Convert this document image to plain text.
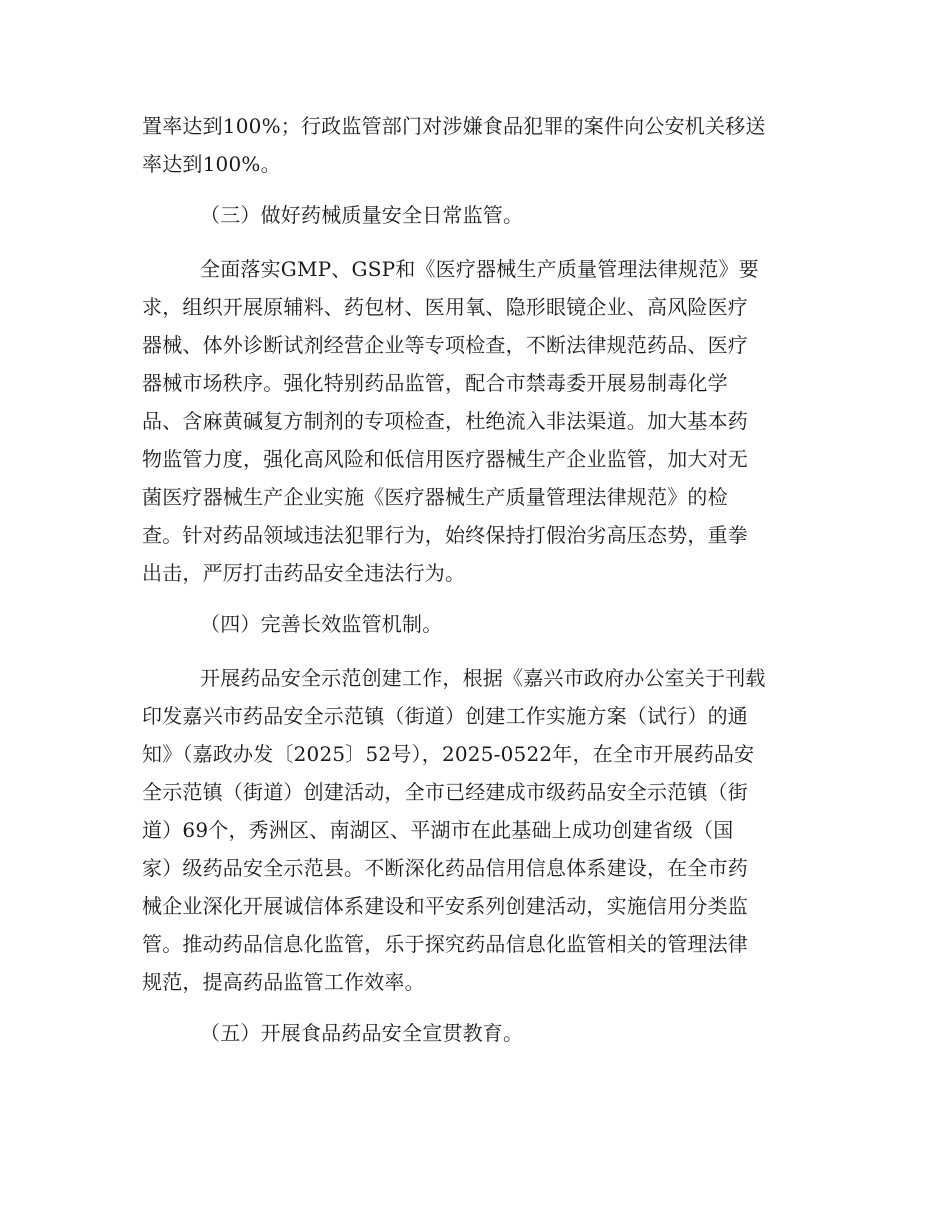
置率达到100%；行政监管部门对涉嫌食品犯罪的案件向公安机关移送
率达到100%。
（三）做好药械质量安全日常监管。
全面落实GMP、GSP和《医疗器械生产质量管理法律规范》要
求，组织开展原辅料、药包材、医用氧、隐形眼镜企业、高风险医疗
器械、体外诊断试剂经营企业等专项检查，不断法律规范药品、医疗
器械市场秩序。强化特别药品监管，配合市禁毒委开展易制毒化学
品、含麻黄碱复方制剂的专项检查，杜绝流入非法渠道。加大基本药
物监管力度，强化高风险和低信用医疗器械生产企业监管，加大对无
菌医疗器械生产企业实施《医疗器械生产质量管理法律规范》的检
查。针对药品领域违法犯罪行为，始终保持打假治劣高压态势，重拳
出击，严厉打击药品安全违法行为。
（四）完善长效监管机制。
开展药品安全示范创建工作，根据《嘉兴市政府办公室关于刊载
印发嘉兴市药品安全示范镇（街道）创建工作实施方案（试行）的通
知》（嘉政办发〔2025〕52号），2025-0522年，在全市开展药品安
全示范镇（街道）创建活动，全市已经建成市级药品安全示范镇（街
道）69个，秀洲区、南湖区、平湖市在此基础上成功创建省级（国
家）级药品安全示范县。不断深化药品信用信息体系建设，在全市药
械企业深化开展诚信体系建设和平安系列创建活动，实施信用分类监
管。推动药品信息化监管，乐于探究药品信息化监管相关的管理法律
规范，提高药品监管工作效率。
（五）开展食品药品安全宣贯教育。
